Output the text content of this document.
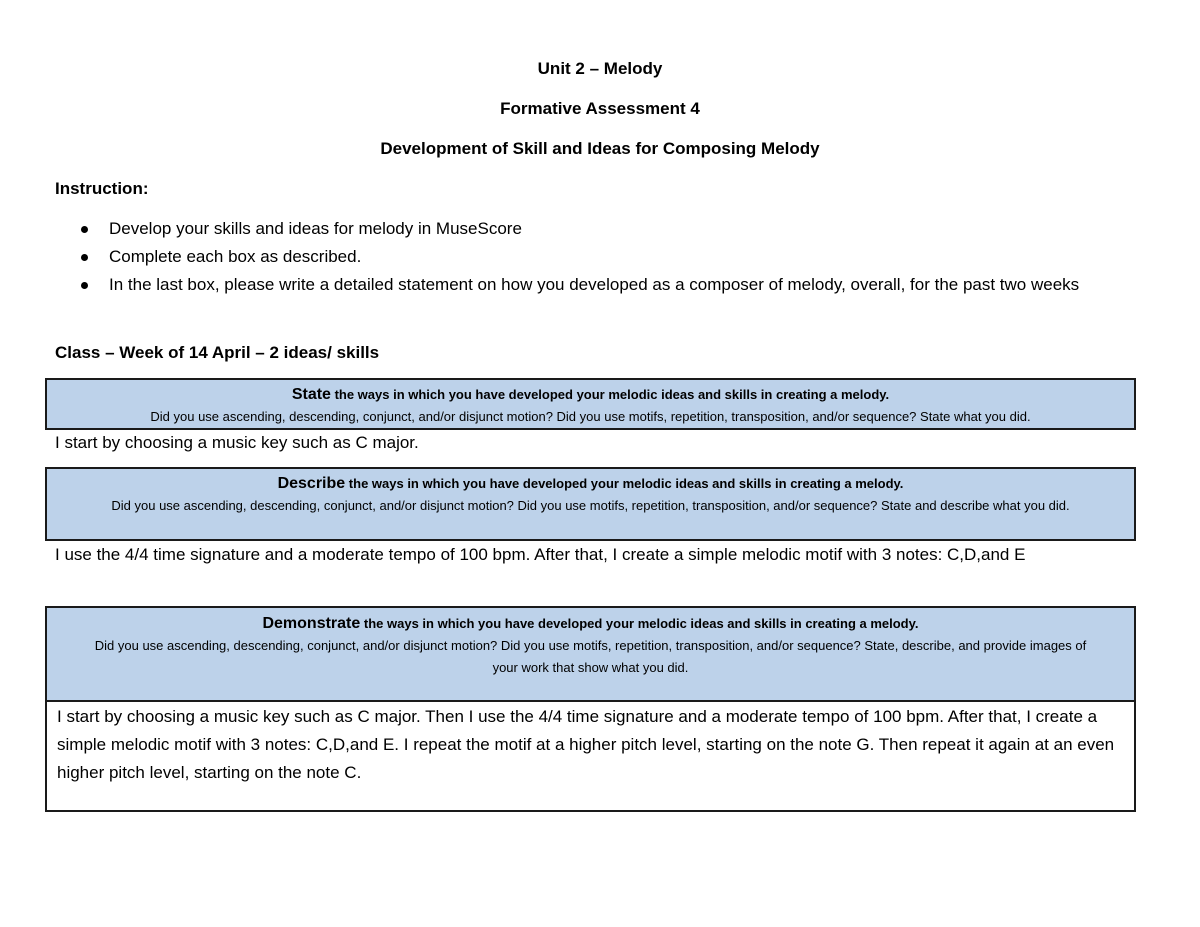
Unit 2 – Melody
Formative Assessment 4
Development of Skill and Ideas for Composing Melody
Instruction:
Develop your skills and ideas for melody in MuseScore
Complete each box as described.
In the last box, please write a detailed statement on how you developed as a composer of melody, overall, for the past two weeks
Class – Week of 14 April – 2 ideas/ skills
State the ways in which you have developed your melodic ideas and skills in creating a melody.
Did you use ascending, descending, conjunct, and/or disjunct motion? Did you use motifs, repetition, transposition, and/or sequence? State what you did.
I start by choosing a music key such as C major.
Describe the ways in which you have developed your melodic ideas and skills in creating a melody.
Did you use ascending, descending, conjunct, and/or disjunct motion? Did you use motifs, repetition, transposition, and/or sequence? State and describe what you did.
I use the 4/4 time signature and a moderate tempo of 100 bpm. After that, I create a simple melodic motif with 3 notes: C,D,and E
Demonstrate the ways in which you have developed your melodic ideas and skills in creating a melody.
Did you use ascending, descending, conjunct, and/or disjunct motion? Did you use motifs, repetition, transposition, and/or sequence? State, describe, and provide images of your work that show what you did.
I start by choosing a music key such as C major. Then I use the 4/4 time signature and a moderate tempo of 100 bpm. After that, I create a simple melodic motif with 3 notes: C,D,and E. I repeat the motif at a higher pitch level, starting on the note G. Then repeat it again at an even higher pitch level, starting on the note C.
